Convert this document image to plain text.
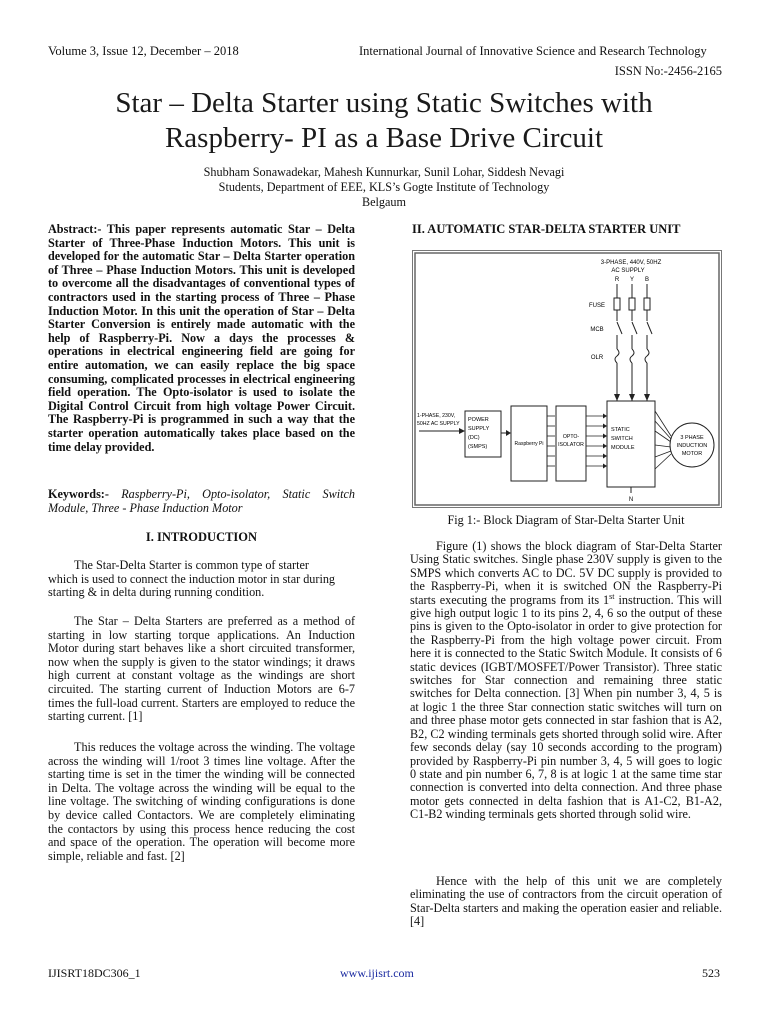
Volume 3, Issue 12, December – 2018	International Journal of Innovative Science and Research Technology
ISSN No:-2456-2165
Star – Delta Starter using Static Switches with
Raspberry- PI as a Base Drive Circuit
Shubham Sonawadekar, Mahesh Kunnurkar, Sunil Lohar, Siddesh Nevagi
Students, Department of EEE, KLS’s Gogte Institute of Technology
Belgaum
Abstract:- This paper represents automatic Star – Delta Starter of Three-Phase Induction Motors. This unit is developed for the automatic Star – Delta Starter operation of Three – Phase Induction Motors. This unit is developed to overcome all the disadvantages of conventional types of contractors used in the starting process of Three – Phase Induction Motor. In this unit the operation of Star – Delta Starter Conversion is entirely made automatic with the help of Raspberry-Pi. Now a days the processes & operations in electrical engineering field are going for entire automation, we can easily replace the big space consuming, complicated processes in electrical engineering field operation. The Opto-isolator is used to isolate the Digital Control Circuit from high voltage Power Circuit. The Raspberry-Pi is programmed in such a way that the starter operation automatically takes place based on the time delay provided.
Keywords:- Raspberry-Pi, Opto-isolator, Static Switch Module, Three - Phase Induction Motor
I. INTRODUCTION
The Star-Delta Starter is common type of starter
which is used to connect the induction motor in star during
starting & in delta during running condition.
The Star – Delta Starters are preferred as a method of starting in low starting torque applications. An Induction Motor during start behaves like a short circuited transformer, now when the supply is given to the stator windings; it draws high current at constant voltage as the windings are short circuited. The starting current of Induction Motors are 6-7 times the full-load current. Starters are employed to reduce the starting current. [1]
This reduces the voltage across the winding. The voltage across the winding will 1/root 3 times line voltage. After the starting time is set in the timer the winding will be connected in Delta. The voltage across the winding will be equal to the line voltage. The switching of winding configurations is done by device called Contactors. We are completely eliminating the contactors by using this process hence reducing the cost and space of the operation. The operation will become more simple, reliable and fast. [2]
II. AUTOMATIC STAR-DELTA STARTER UNIT
3-PHASE, 440V, 50HZ
AC SUPPLY
R Y B
FUSE
MCB
OLR
1-PHASE, 230V,
50HZ AC SUPPLY
POWER
SUPPLY
(DC)
(SMPS)	Raspberry Pi
OPTO-
ISOLATOR
STATIC
SWITCH
MODULE
3 PHASE
INDUCTION
MOTOR
N
Fig 1:- Block Diagram of Star-Delta Starter Unit
Figure (1) shows the block diagram of Star-Delta Starter Using Static switches. Single phase 230V supply is given to the SMPS which converts AC to DC. 5V DC supply is provided to the Raspberry-Pi, when it is switched ON the Raspberry-Pi starts executing the programs from its 1st instruction. This will give high output logic 1 to its pins 2, 4, 6 so the output of these pins is given to the Opto-isolator in order to give protection for the Raspberry-Pi from the high voltage power circuit. From here it is connected to the Static Switch Module. It consists of 6 static devices (IGBT/MOSFET/Power Transistor). Three static switches for Star connection and remaining three static switches for Delta connection. [3] When pin number 3, 4, 5 is at logic 1 the three Star connection static switches will turn on and three phase motor gets connected in star fashion that is A2, B2, C2 winding terminals gets shorted through solid wire. After few seconds delay (say 10 seconds according to the program) provided by Raspberry-Pi pin number 3, 4, 5 will goes to logic 0 state and pin number 6, 7, 8 is at logic 1 at the same time star connection is converted into delta connection. And three phase motor gets connected in delta fashion that is A1-C2, B1-A2, C1-B2 winding terminals gets shorted through solid wire.
Hence with the help of this unit we are completely eliminating the use of contractors from the circuit operation of Star-Delta starters and making the operation easier and reliable. [4]
IJISRT18DC306_1	www.ijisrt.com	523
